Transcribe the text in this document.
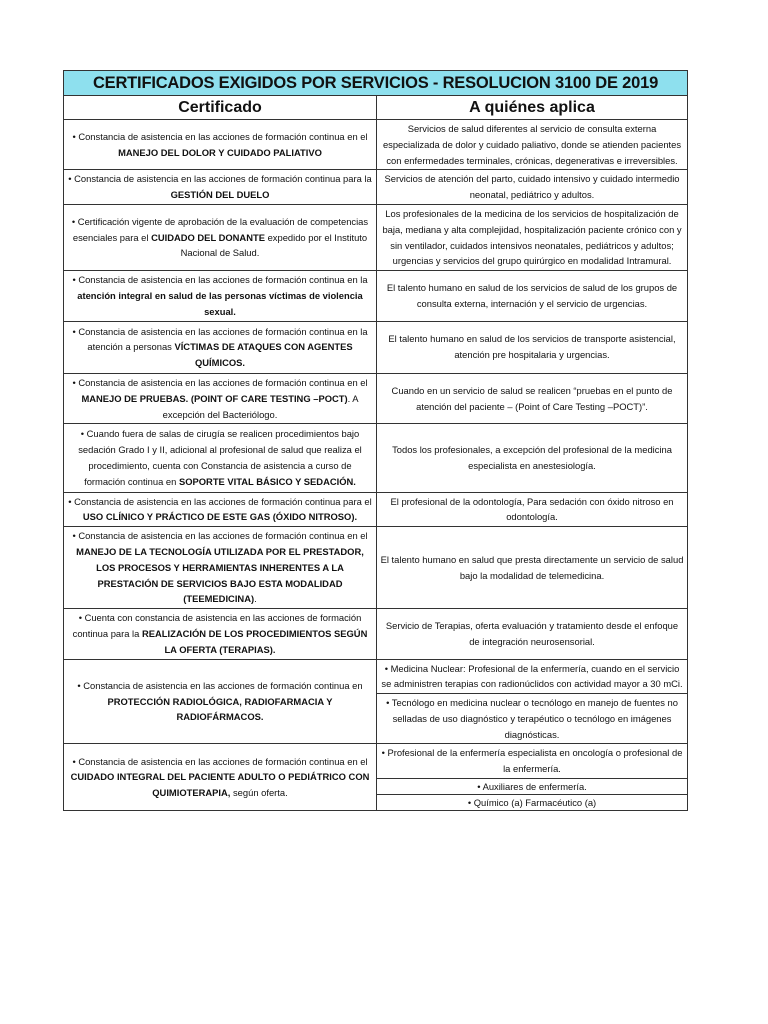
CERTIFICADOS EXIGIDOS POR SERVICIOS - RESOLUCION 3100 DE 2019	
Certificado	A quiénes aplica
• Constancia de asistencia en las acciones de formación continua en el MANEJO DEL DOLOR Y CUIDADO PALIATIVO	Servicios de salud diferentes al servicio de consulta externa especializada de dolor y cuidado paliativo, donde se atienden pacientes con enfermedades terminales, crónicas, degenerativas e irreversibles.
• Constancia de asistencia en las acciones de formación continua para la GESTIÓN DEL DUELO	Servicios de atención del parto, cuidado intensivo y cuidado intermedio neonatal, pediátrico y adultos.
• Certificación vigente de aprobación de la evaluación de competencias esenciales para el CUIDADO DEL DONANTE expedido por el Instituto Nacional de Salud.	Los profesionales de la medicina de los servicios de hospitalización de baja, mediana y alta complejidad, hospitalización paciente crónico con y sin ventilador, cuidados intensivos neonatales, pediátricos y adultos; urgencias y servicios del grupo quirúrgico en modalidad Intramural.
• Constancia de asistencia en las acciones de formación continua en la atención integral en salud de las personas víctimas de violencia sexual.	El talento humano en salud de los servicios de salud de los grupos de consulta externa, internación y el servicio de urgencias.
• Constancia de asistencia en las acciones de formación continua en la atención a personas VÍCTIMAS DE ATAQUES CON AGENTES QUÍMICOS.	El talento humano en salud de los servicios de transporte asistencial, atención pre hospitalaria y urgencias.
• Constancia de asistencia en las acciones de formación continua en el MANEJO DE PRUEBAS. (POINT OF CARE TESTING –POCT). A excepción del Bacteriólogo.	Cuando en un servicio de salud se realicen “pruebas en el punto de atención del paciente – (Point of Care Testing –POCT)”.
• Cuando fuera de salas de cirugía se realicen procedimientos bajo sedación Grado I y II, adicional al profesional de salud que realiza el procedimiento, cuenta con Constancia de asistencia a curso de formación continua en SOPORTE VITAL BÁSICO Y SEDACIÓN.	Todos los profesionales, a excepción del profesional de la medicina especialista en anestesiología.
• Constancia de asistencia en las acciones de formación continua para el USO CLÍNICO Y PRÁCTICO DE ESTE GAS (ÓXIDO NITROSO).	El profesional de la odontología, Para sedación con óxido nitroso en odontología.
• Constancia de asistencia en las acciones de formación continua en el MANEJO DE LA TECNOLOGÍA UTILIZADA POR EL PRESTADOR, LOS PROCESOS Y HERRAMIENTAS INHERENTES A LA PRESTACIÓN DE SERVICIOS BAJO ESTA MODALIDAD (TEEMEDICINA).	El talento humano en salud que presta directamente un servicio de salud bajo la modalidad de telemedicina.
• Cuenta con constancia de asistencia en las acciones de formación continua para la REALIZACIÓN DE LOS PROCEDIMIENTOS SEGÚN LA OFERTA (TERAPIAS).	Servicio de Terapias, oferta evaluación y tratamiento desde el enfoque de integración neurosensorial.
• Constancia de asistencia en las acciones de formación continua en PROTECCIÓN RADIOLÓGICA, RADIOFARMACIA Y RADIOFÁRMACOS.	• Medicina Nuclear: Profesional de la enfermería, cuando en el servicio se administren terapias con radionúclidos con actividad mayor a 30 mCi.
	• Tecnólogo en medicina nuclear o tecnólogo en manejo de fuentes no selladas de uso diagnóstico y terapéutico o tecnólogo en imágenes diagnósticas.
• Constancia de asistencia en las acciones de formación continua en el CUIDADO INTEGRAL DEL PACIENTE ADULTO O PEDIÁTRICO CON QUIMIOTERAPIA, según oferta.	• Profesional de la enfermería especialista en oncología o profesional de la enfermería.
	• Auxiliares de enfermería.
	• Químico (a) Farmacéutico (a)
